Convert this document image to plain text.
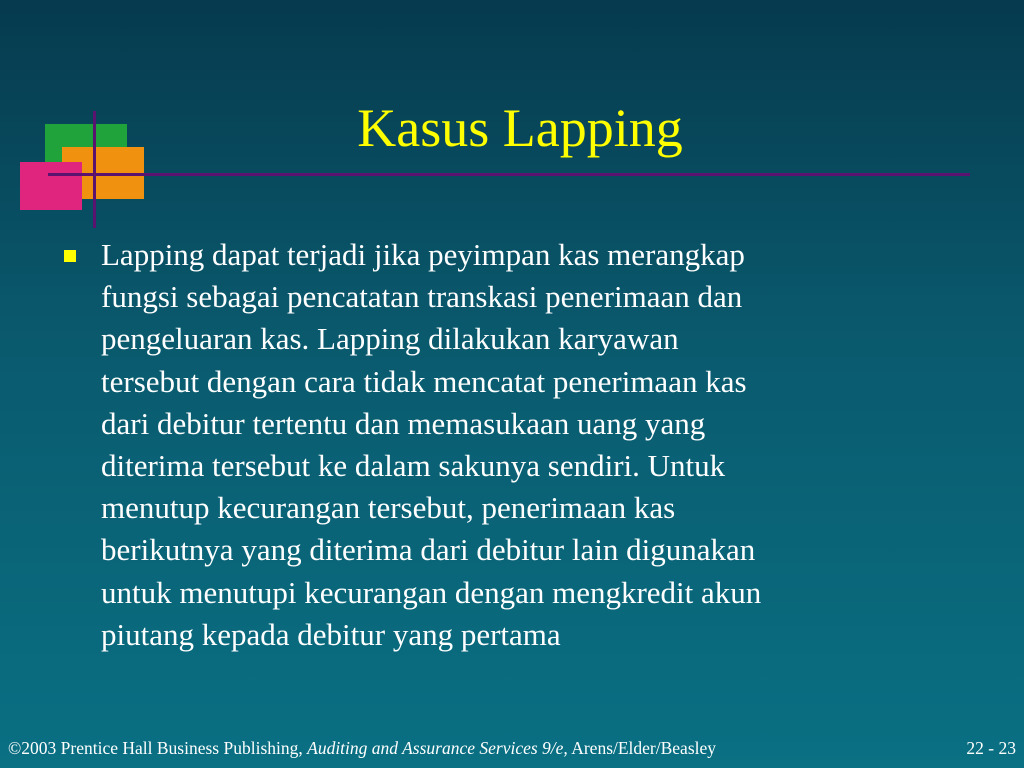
Kasus Lapping
Lapping dapat terjadi jika peyimpan kas merangkap
fungsi sebagai pencatatan transkasi penerimaan dan
pengeluaran kas. Lapping dilakukan karyawan
tersebut dengan cara tidak mencatat penerimaan kas
dari debitur tertentu dan memasukaan uang yang
diterima tersebut ke dalam sakunya sendiri. Untuk
menutup kecurangan tersebut, penerimaan kas
berikutnya yang diterima dari debitur lain digunakan
untuk menutupi kecurangan dengan mengkredit akun
piutang kepada debitur yang pertama
©2003 Prentice Hall Business Publishing, Auditing and Assurance Services 9/e, Arens/Elder/Beasley	22 - 23
